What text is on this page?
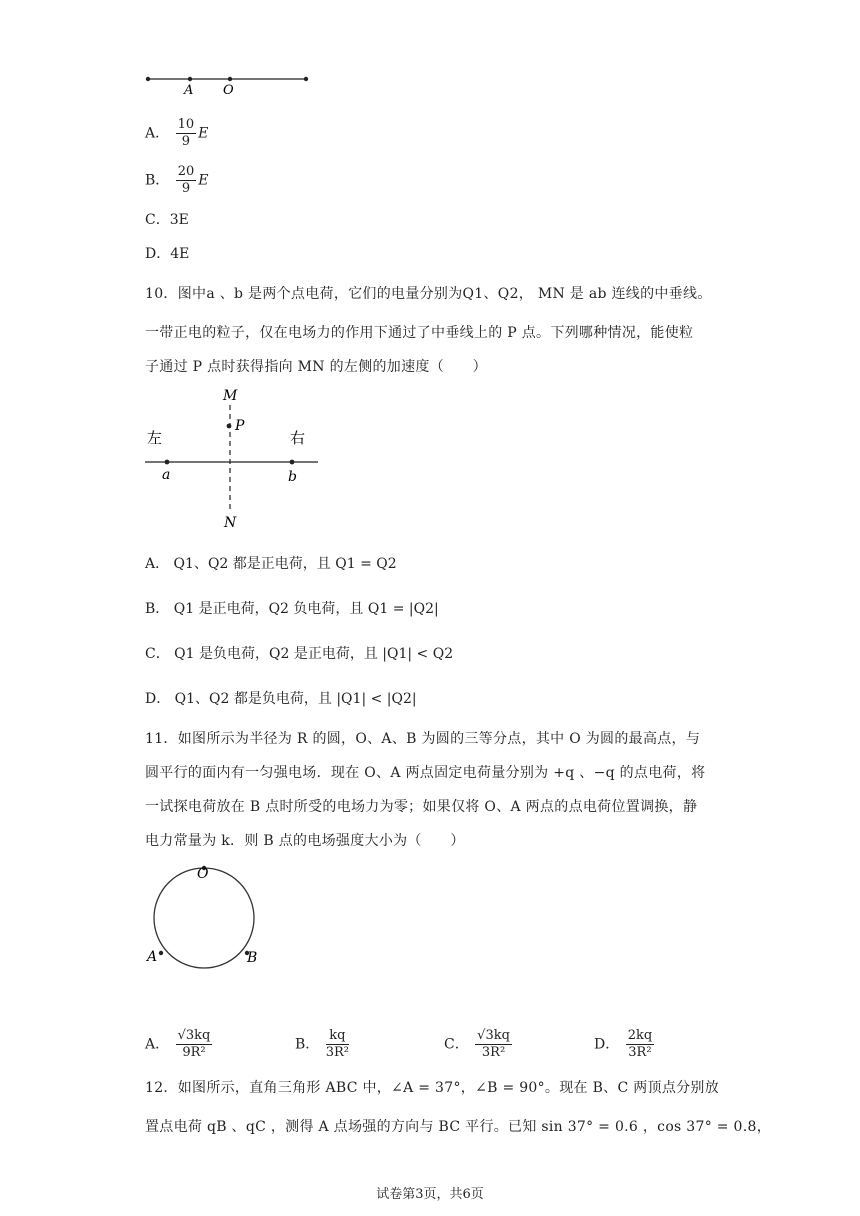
A O
A． $\frac{10}{9}$ E
B． $\frac{20}{9}$ E
C．3E
D．4E
10．图中a 、b 是两个点电荷，它们的电量分别为Q1、Q2， MN 是 ab 连线的中垂线。
一带正电的粒子，仅在电场力的作用下通过了中垂线上的 P 点。下列哪种情况，能使粒
子通过 P 点时获得指向 MN 的左侧的加速度（　　）
M
P
N
a	b
左	右
A． Q1、Q2 都是正电荷，且 Q1 = Q2
B． Q1 是正电荷，Q2 负电荷，且 Q1 = |Q2|
C． Q1 是负电荷，Q2 是正电荷，且 |Q1| < Q2
D． Q1、Q2 都是负电荷，且 |Q1| < |Q2|
11．如图所示为半径为 R 的圆，O、A、B 为圆的三等分点，其中 O 为圆的最高点，与
圆平行的面内有一匀强电场．现在 O、A 两点固定电荷量分别为 +q 、−q 的点电荷，将
一试探电荷放在 B 点时所受的电场力为零；如果仅将 O、A 两点的点电荷位置调换，静
电力常量为 k．则 B 点的电场强度大小为（　　）
O
A	B
A． $\frac{√3kq}{\text{9R²}}$	B． $\frac{kq}{\text{3R²}}$	C． $\frac{√3kq}{\text{3R²}}$	D． $\frac{2kq}{\text{3R²}}$
12．如图所示，直角三角形 ABC 中，∠A = 37°，∠B = 90°。现在 B、C 两顶点分别放
置点电荷 qB 、qC ，测得 A 点场强的方向与 BC 平行。已知 sin 37° = 0.6 ，cos 37° = 0.8，
试卷第3页，共6页
